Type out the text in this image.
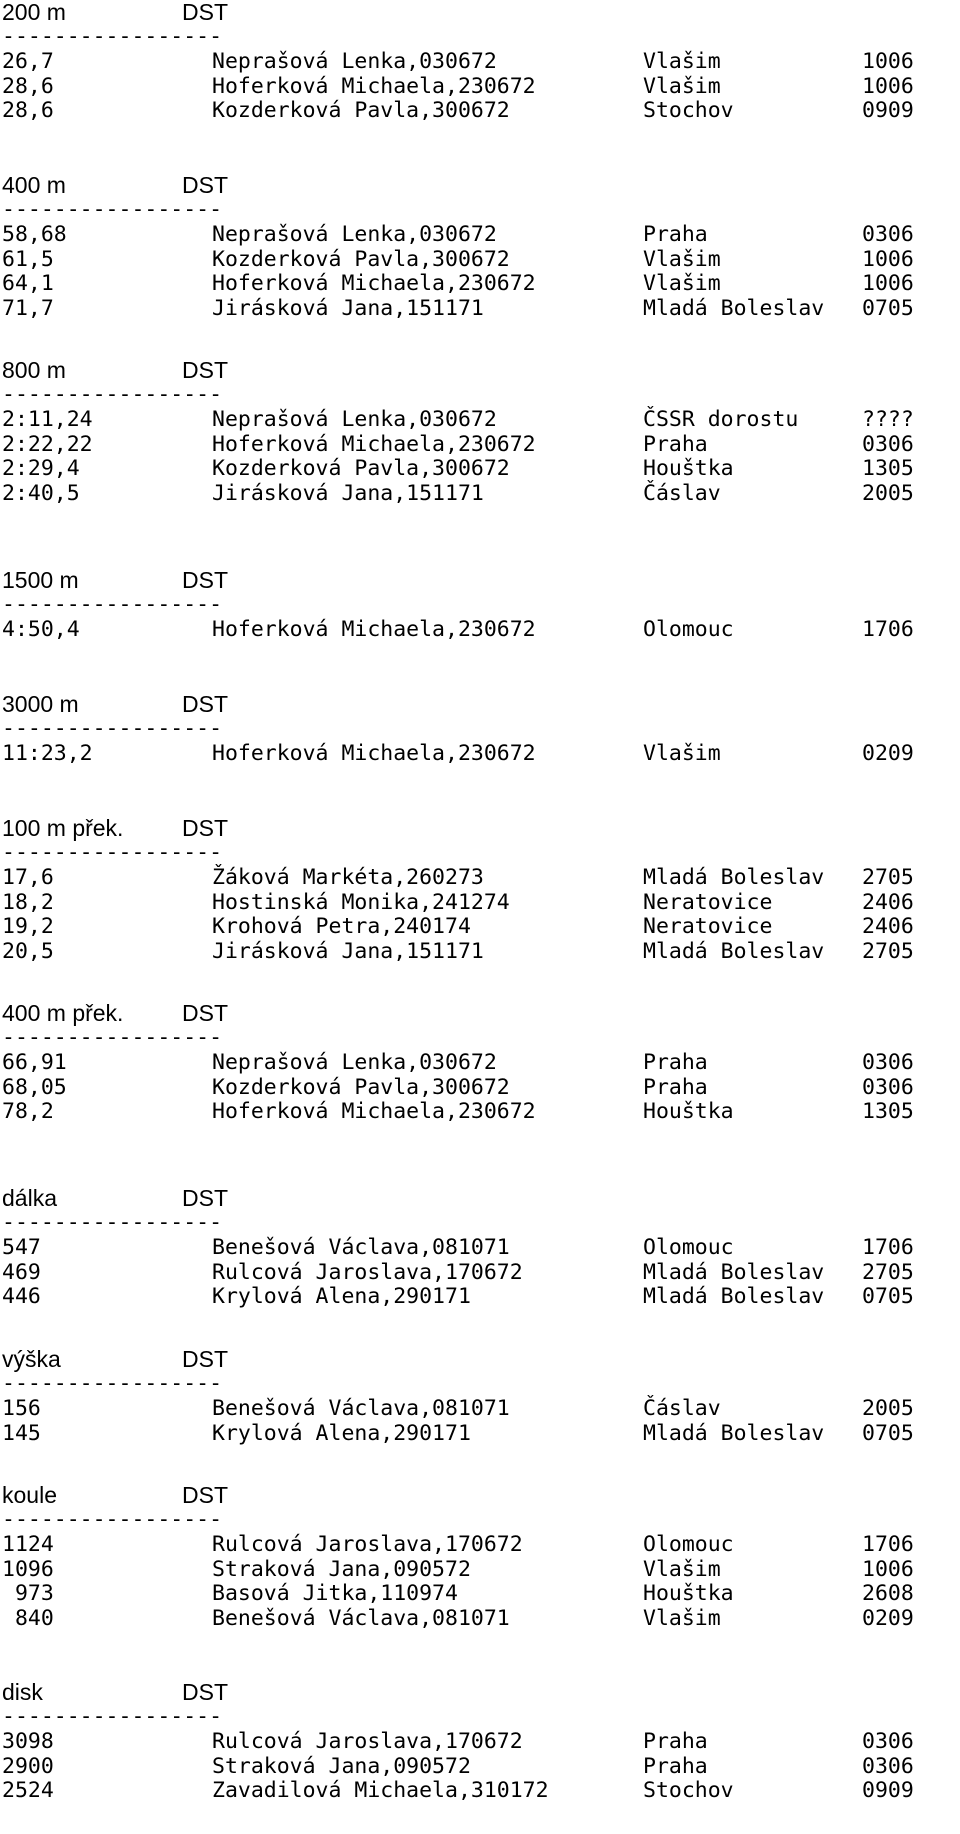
200 m	DST
-----------------
26,7	Neprašová Lenka,030672	Vlašim	1006
28,6	Hoferková Michaela,230672	Vlašim	1006
28,6	Kozderková Pavla,300672	Stochov	0909
400 m	DST
-----------------
58,68	Neprašová Lenka,030672	Praha	0306
61,5	Kozderková Pavla,300672	Vlašim	1006
64,1	Hoferková Michaela,230672	Vlašim	1006
71,7	Jirásková Jana,151171	Mladá Boleslav 0705
800 m	DST
-----------------
2:11,24	Neprašová Lenka,030672	ČSSR dorostu	????
2:22,22	Hoferková Michaela,230672	Praha	0306
2:29,4	Kozderková Pavla,300672	Houštka	1305
2:40,5	Jirásková Jana,151171	Čáslav	2005
1500 m	DST
-----------------
4:50,4	Hoferková Michaela,230672	Olomouc	1706
3000 m	DST
-----------------
11:23,2	Hoferková Michaela,230672	Vlašim	0209
100 m přek.	DST
-----------------
17,6	Žáková Markéta,260273	Mladá Boleslav 2705
18,2	Hostinská Monika,241274	Neratovice	2406
19,2	Krohová Petra,240174	Neratovice	2406
20,5	Jirásková Jana,151171	Mladá Boleslav 2705
400 m přek.	DST
-----------------
66,91	Neprašová Lenka,030672	Praha	0306
68,05	Kozderková Pavla,300672	Praha	0306
78,2	Hoferková Michaela,230672	Houštka	1305
dálka	DST
-----------------
547	Benešová Václava,081071	Olomouc	1706
469	Rulcová Jaroslava,170672	Mladá Boleslav 2705
446	Krylová Alena,290171	Mladá Boleslav 0705
výška	DST
-----------------
156	Benešová Václava,081071	Čáslav	2005
145	Krylová Alena,290171	Mladá Boleslav 0705
koule	DST
-----------------
1124	Rulcová Jaroslava,170672	Olomouc	1706
1096	Straková Jana,090572	Vlašim	1006
973	Basová Jitka,110974	Houštka	2608
840	Benešová Václava,081071	Vlašim	0209
disk	DST
-----------------
3098	Rulcová Jaroslava,170672	Praha	0306
2900	Straková Jana,090572	Praha	0306
2524	Zavadilová Michaela,310172	Stochov	0909
